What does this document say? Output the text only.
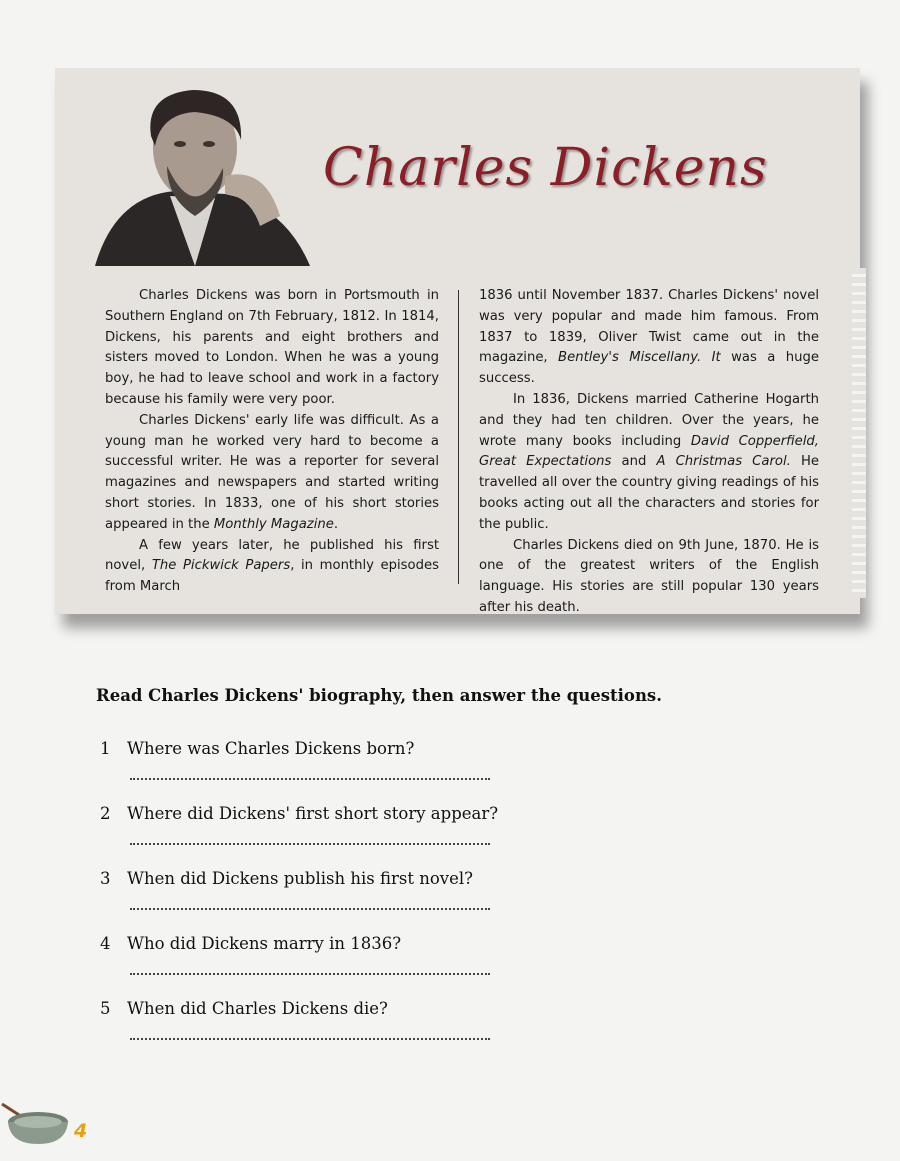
Charles Dickens

Charles Dickens was born in Portsmouth in Southern England on 7th February, 1812. In 1814, Dickens, his parents and eight brothers and sisters moved to London. When he was a young boy, he had to leave school and work in a factory because his family were very poor.

Charles Dickens' early life was difficult. As a young man he worked very hard to become a successful writer. He was a reporter for several magazines and newspapers and started writing short stories. In 1833, one of his short stories appeared in the Monthly Magazine.

A few years later, he published his first novel, The Pickwick Papers, in monthly episodes from March

1836 until November 1837. Charles Dickens' novel was very popular and made him famous. From 1837 to 1839, Oliver Twist came out in the magazine, Bentley's Miscellany. It was a huge success.

In 1836, Dickens married Catherine Hogarth and they had ten children. Over the years, he wrote many books including David Copperfield, Great Expectations and A Christmas Carol. He travelled all over the country giving readings of his books acting out all the characters and stories for the public.

Charles Dickens died on 9th June, 1870. He is one of the greatest writers of the English language. His stories are still popular 130 years after his death.

Read Charles Dickens' biography, then answer the questions.
1 Where was Charles Dickens born?
2 Where did Dickens' first short story appear?
3 When did Dickens publish his first novel?
4 Who did Dickens marry in 1836?
5 When did Charles Dickens die?
4
